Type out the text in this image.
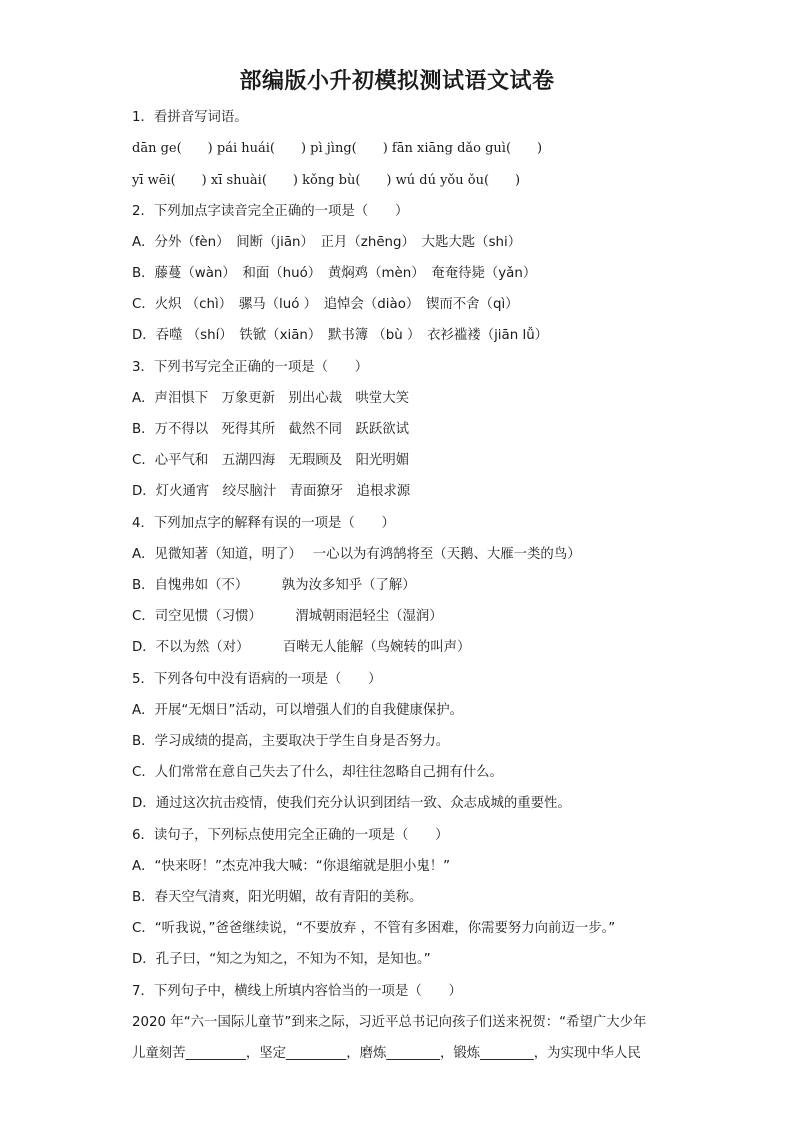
部编版小升初模拟测试语文试卷
1．看拼音写词语。
dān ge(　　) pái huái(　　) pì jìng(　　) fān xiāng dǎo guì(　　)
yī wēi(　　) xī shuài(　　) kǒng bù(　　) wú dú yǒu ǒu(　　)
2．下列加点字读音完全正确的一项是（　　）
A．分外（fèn）　间断（jiān）　正月（zhēng）　大匙大匙（shi）
B．藤蔓（wàn）　和面（huó）　黄焖鸡（mèn）　奄奄待毙（yǎn）
C．火炽 （chì）　骡马（luó ）　追悼会（diào）　锲而不舍（qì）
D．吞噬 （shí）　铁锨（xiān）　默书簿 （bù ）　衣衫褴褛（jiān lǚ）
3．下列书写完全正确的一项是（　　）
A．声泪惧下　万象更新　别出心裁　哄堂大笑
B．万不得以　死得其所　截然不同　跃跃欲试
C．心平气和　五湖四海　无瑕顾及　阳光明媚
D．灯火通宵　绞尽脑汁　青面獠牙　追根求源
4．下列加点字的解释有误的一项是（　　）
A．见微知著（知道，明了）　 一心以为有鸿鹄将至（天鹅、大雁一类的鸟）
B．自愧弗如（不）　　　孰为汝多知乎（了解）
C．司空见惯（习惯）　　　渭城朝雨浥轻尘（湿润）
D．不以为然（对）　　　百啭无人能解（鸟婉转的叫声）
5．下列各句中没有语病的一项是（　　）
A．开展“无烟日”活动，可以增强人们的自我健康保护。
B．学习成绩的提高，主要取决于学生自身是否努力。
C．人们常常在意自己失去了什么，却往往忽略自己拥有什么。
D．通过这次抗击疫情，使我们充分认识到团结一致、众志成城的重要性。
6．读句子，下列标点使用完全正确的一项是（　　）
A．“快来呀！”杰克冲我大喊：“你退缩就是胆小鬼！”
B．春天空气清爽，阳光明媚，故有青阳的美称。
C．“听我说，”爸爸继续说，“不要放弃 ，不管有多困难，你需要努力向前迈一步。”
D．孔子曰，“知之为知之，不知为不知，是知也。”
7．下列句子中，横线上所填内容恰当的一项是（　　）
2020 年“六一国际儿童节”到来之际，习近平总书记向孩子们送来祝贺：“希望广大少年
儿童刻苦_________，坚定_________，磨炼________，锻炼________，为实现中华人民
